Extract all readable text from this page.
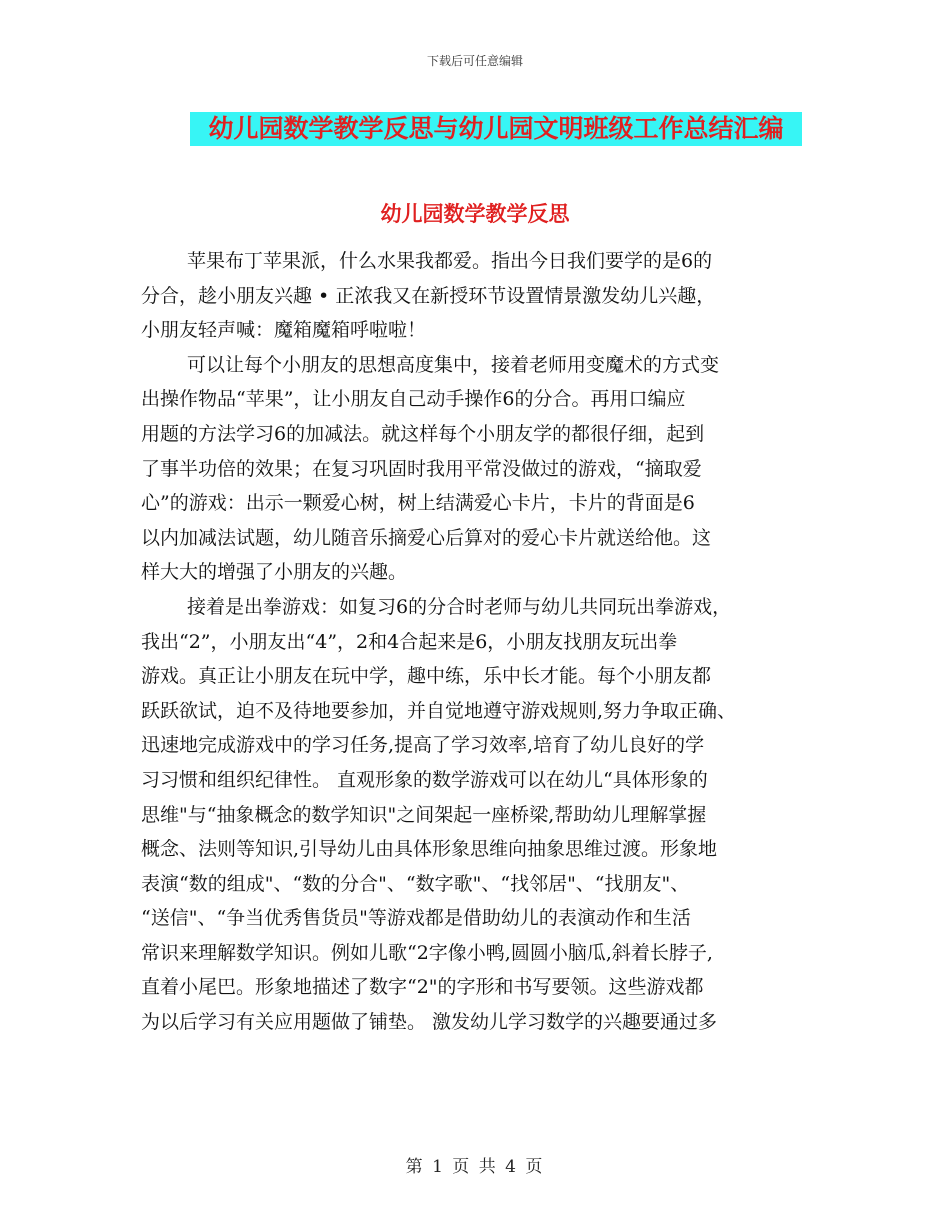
下载后可任意编辑
幼儿园数学教学反思与幼儿园文明班级工作总结汇编
幼儿园数学教学反思
苹果布丁苹果派，什么水果我都爱。指出今日我们要学的是6的
分合，趁小朋友兴趣 • 正浓我又在新授环节设置情景激发幼儿兴趣，
小朋友轻声喊：魔箱魔箱呼啦啦！
可以让每个小朋友的思想高度集中，接着老师用变魔术的方式变
出操作物品“苹果”，让小朋友自己动手操作6的分合。再用口编应
用题的方法学习6的加减法。就这样每个小朋友学的都很仔细，起到
了事半功倍的效果；在复习巩固时我用平常没做过的游戏，“摘取爱
心”的游戏：出示一颗爱心树，树上结满爱心卡片，卡片的背面是6
以内加减法试题，幼儿随音乐摘爱心后算对的爱心卡片就送给他。这
样大大的增强了小朋友的兴趣。
接着是出拳游戏：如复习6的分合时老师与幼儿共同玩出拳游戏，
我出“2”，小朋友出“4”，2和4合起来是6，小朋友找朋友玩出拳
游戏。真正让小朋友在玩中学，趣中练，乐中长才能。每个小朋友都
跃跃欲试，迫不及待地要参加，并自觉地遵守游戏规则,努力争取正确、
迅速地完成游戏中的学习任务,提高了学习效率,培育了幼儿良好的学
习习惯和组织纪律性。 直观形象的数学游戏可以在幼儿“具体形象的
思维"与“抽象概念的数学知识"之间架起一座桥梁,帮助幼儿理解掌握
概念、法则等知识,引导幼儿由具体形象思维向抽象思维过渡。形象地
表演“数的组成"、“数的分合"、“数字歌"、“找邻居"、“找朋友"、
“送信"、“争当优秀售货员"等游戏都是借助幼儿的表演动作和生活
常识来理解数学知识。例如儿歌“2字像小鸭,圆圆小脑瓜,斜着长脖子,
直着小尾巴。形象地描述了数字“2"的字形和书写要领。这些游戏都
为以后学习有关应用题做了铺垫。 激发幼儿学习数学的兴趣要通过多
第 1 页 共 4 页
